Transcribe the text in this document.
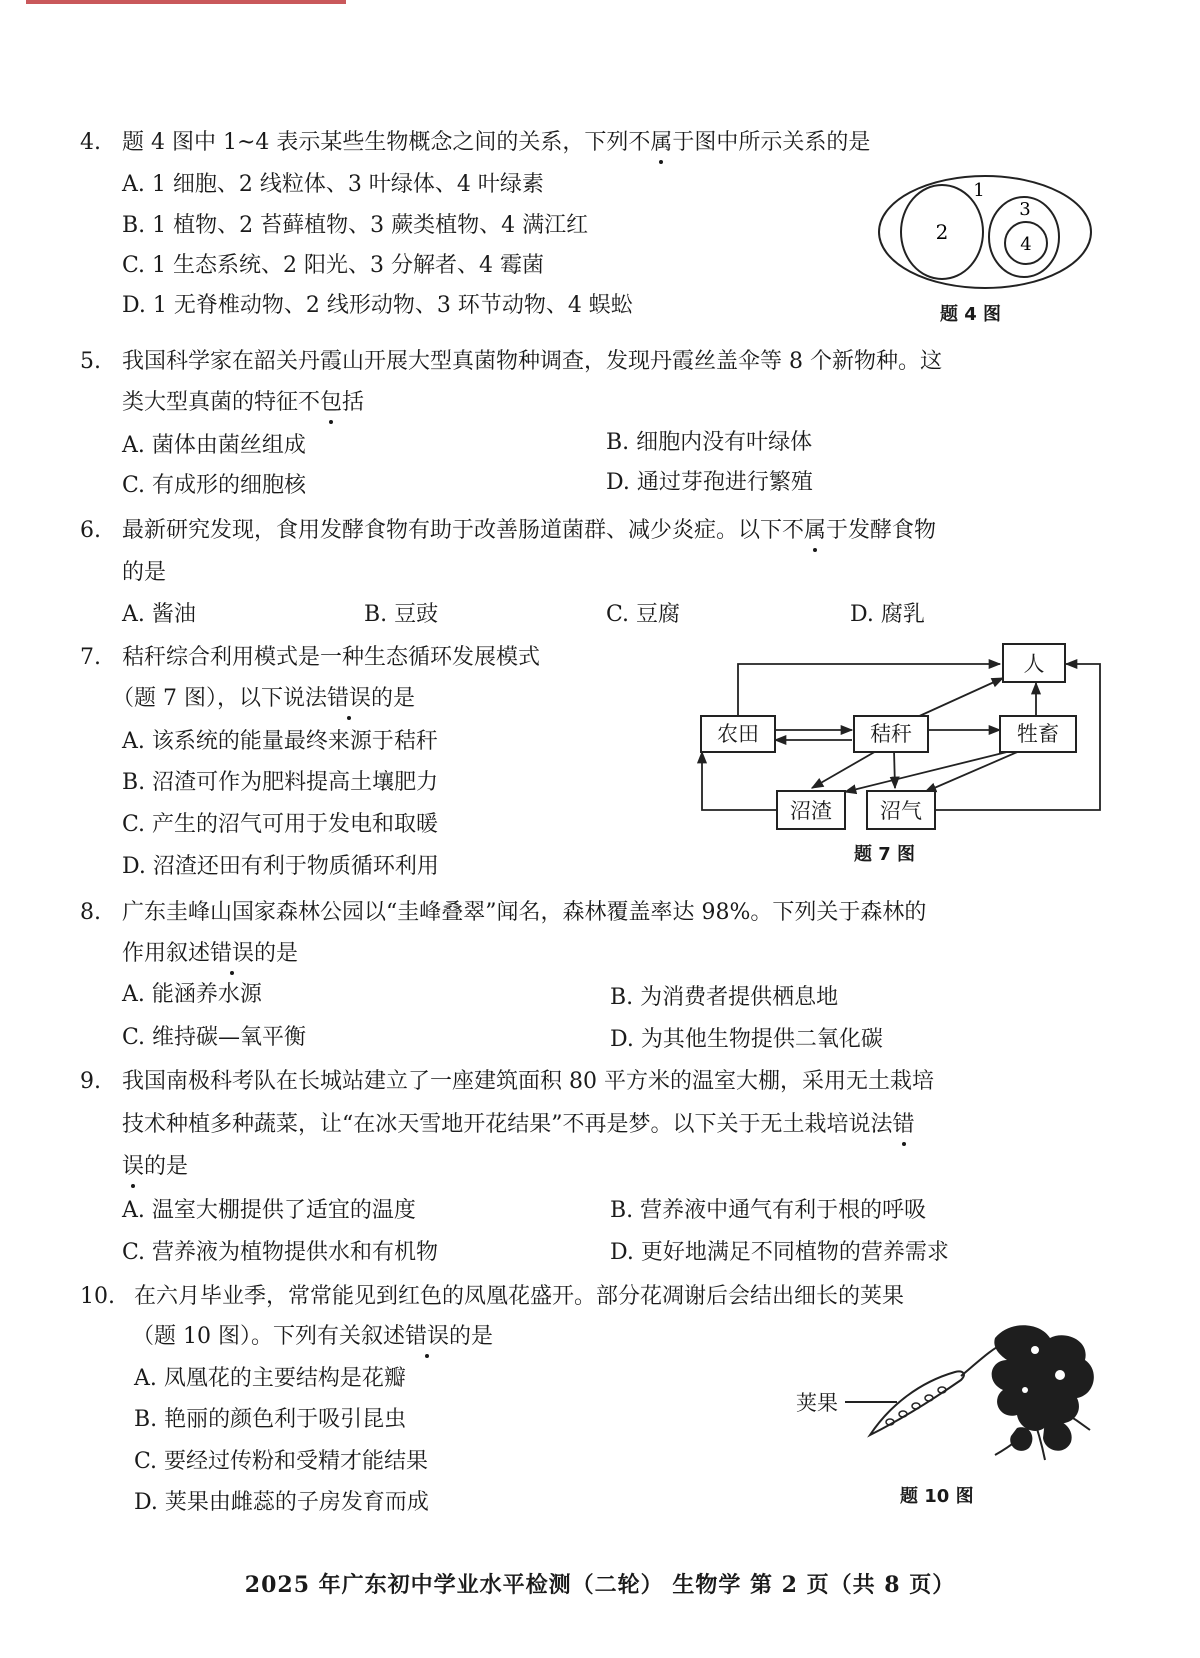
4. 题 4 图中 1~4 表示某些生物概念之间的关系，下列不属于图中所示关系的是
A. 1 细胞、2 线粒体、3 叶绿体、4 叶绿素
B. 1 植物、2 苔藓植物、3 蕨类植物、4 满江红
C. 1 生态系统、2 阳光、3 分解者、4 霉菌
D. 1 无脊椎动物、2 线形动物、3 环节动物、4 蜈蚣
1
2
3
4
题 4 图
5. 我国科学家在韶关丹霞山开展大型真菌物种调查，发现丹霞丝盖伞等 8 个新物种。这
类大型真菌的特征不包括
A. 菌体由菌丝组成	B. 细胞内没有叶绿体
C. 有成形的细胞核	D. 通过芽孢进行繁殖
6. 最新研究发现，食用发酵食物有助于改善肠道菌群、减少炎症。以下不属于发酵食物
的是
A. 酱油	B. 豆豉	C. 豆腐	D. 腐乳
7. 秸秆综合利用模式是一种生态循环发展模式
（题 7 图），以下说法错误的是
A. 该系统的能量最终来源于秸秆
B. 沼渣可作为肥料提高土壤肥力
C. 产生的沼气可用于发电和取暖
D. 沼渣还田有利于物质循环利用
人
农田	秸秆	牲畜
沼渣 沼气
题 7 图
8. 广东圭峰山国家森林公园以“圭峰叠翠”闻名，森林覆盖率达 98%。下列关于森林的
作用叙述错误的是
A. 能涵养水源	B. 为消费者提供栖息地
C. 维持碳—氧平衡	D. 为其他生物提供二氧化碳
9. 我国南极科考队在长城站建立了一座建筑面积 80 平方米的温室大棚，采用无土栽培
技术种植多种蔬菜，让“在冰天雪地开花结果”不再是梦。以下关于无土栽培说法错
误的是
A. 温室大棚提供了适宜的温度	B. 营养液中通气有利于根的呼吸
C. 营养液为植物提供水和有机物	D. 更好地满足不同植物的营养需求
10. 在六月毕业季，常常能见到红色的凤凰花盛开。部分花凋谢后会结出细长的荚果
（题 10 图）。下列有关叙述错误的是
A. 凤凰花的主要结构是花瓣
B. 艳丽的颜色利于吸引昆虫
C. 要经过传粉和受精才能结果
D. 荚果由雌蕊的子房发育而成
荚果
题 10 图
2025 年广东初中学业水平检测（二轮） 生物学 第 2 页（共 8 页）
